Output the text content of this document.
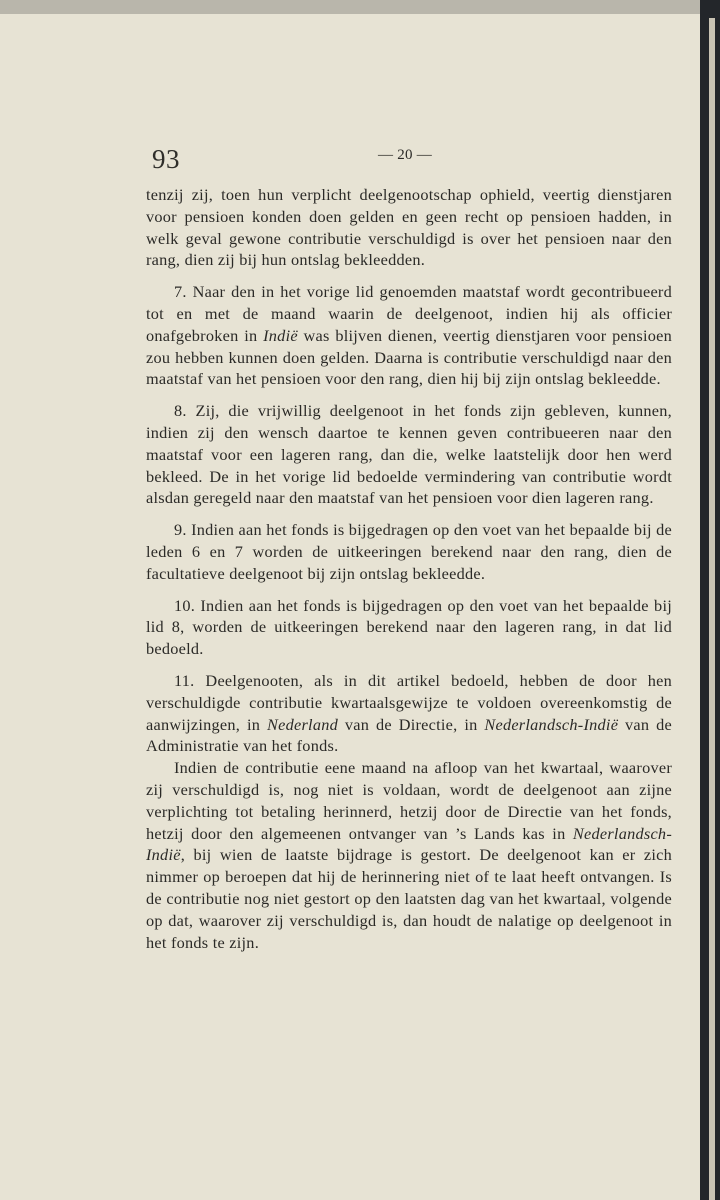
93	— 20 —

tenzij zij, toen hun verplicht deelgenootschap ophield, veertig dienstjaren voor pensioen konden doen gelden en geen recht op pensioen hadden, in welk geval gewone contributie verschuldigd is over het pensioen naar den rang, dien zij bij hun ontslag bekleedden.

7. Naar den in het vorige lid genoemden maatstaf wordt gecontribueerd tot en met de maand waarin de deelgenoot, indien hij als officier onafgebroken in Indië was blijven dienen, veertig dienstjaren voor pensioen zou hebben kunnen doen gelden. Daarna is contributie verschuldigd naar den maatstaf van het pensioen voor den rang, dien hij bij zijn ontslag bekleedde.

8. Zij, die vrijwillig deelgenoot in het fonds zijn gebleven, kunnen, indien zij den wensch daartoe te kennen geven contribueeren naar den maatstaf voor een lageren rang, dan die, welke laatstelijk door hen werd bekleed. De in het vorige lid bedoelde vermindering van contributie wordt alsdan geregeld naar den maatstaf van het pensioen voor dien lageren rang.

9. Indien aan het fonds is bijgedragen op den voet van het bepaalde bij de leden 6 en 7 worden de uitkeeringen berekend naar den rang, dien de facultatieve deelgenoot bij zijn ontslag bekleedde.

10. Indien aan het fonds is bijgedragen op den voet van het bepaalde bij lid 8, worden de uitkeeringen berekend naar den lageren rang, in dat lid bedoeld.

11. Deelgenooten, als in dit artikel bedoeld, hebben de door hen verschuldigde contributie kwartaalsgewijze te voldoen overeenkomstig de aanwijzingen, in Nederland van de Directie, in Nederlandsch-Indië van de Administratie van het fonds.

Indien de contributie eene maand na afloop van het kwartaal, waarover zij verschuldigd is, nog niet is voldaan, wordt de deelgenoot aan zijne verplichting tot betaling herinnerd, hetzij door de Directie van het fonds, hetzij door den algemeenen ontvanger van ’s Lands kas in Nederlandsch-Indië, bij wien de laatste bijdrage is gestort. De deelgenoot kan er zich nimmer op beroepen dat hij de herinnering niet of te laat heeft ontvangen. Is de contributie nog niet gestort op den laatsten dag van het kwartaal, volgende op dat, waarover zij verschuldigd is, dan houdt de nalatige op deelgenoot in het fonds te zijn.
